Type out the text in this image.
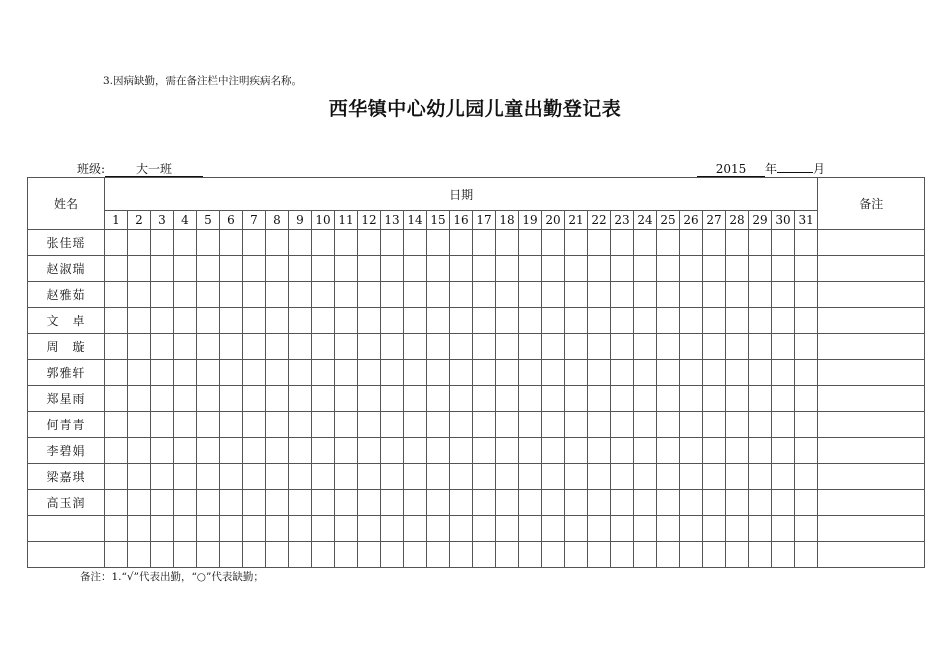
3.因病缺勤，需在备注栏中注明疾病名称。
西华镇中心幼儿园儿童出勤登记表
班级:	大一班	2015 年	月
姓名	日期																															备注
	1	2	3	4	5	6	7	8	9	10	11	12	13	14	15	16	17	18	19	20	21	22	23	24	25	26	27	28	29	30	31	
张佳瑶																																
赵淑瑞																																
赵雅茹																																
文　卓																																
周　璇																																
郭雅轩																																
郑星雨																																
何青青																																
李碧娟																																
梁嘉琪																																
高玉润																																

备注：1.“√”代表出勤，“○”代表缺勤；
